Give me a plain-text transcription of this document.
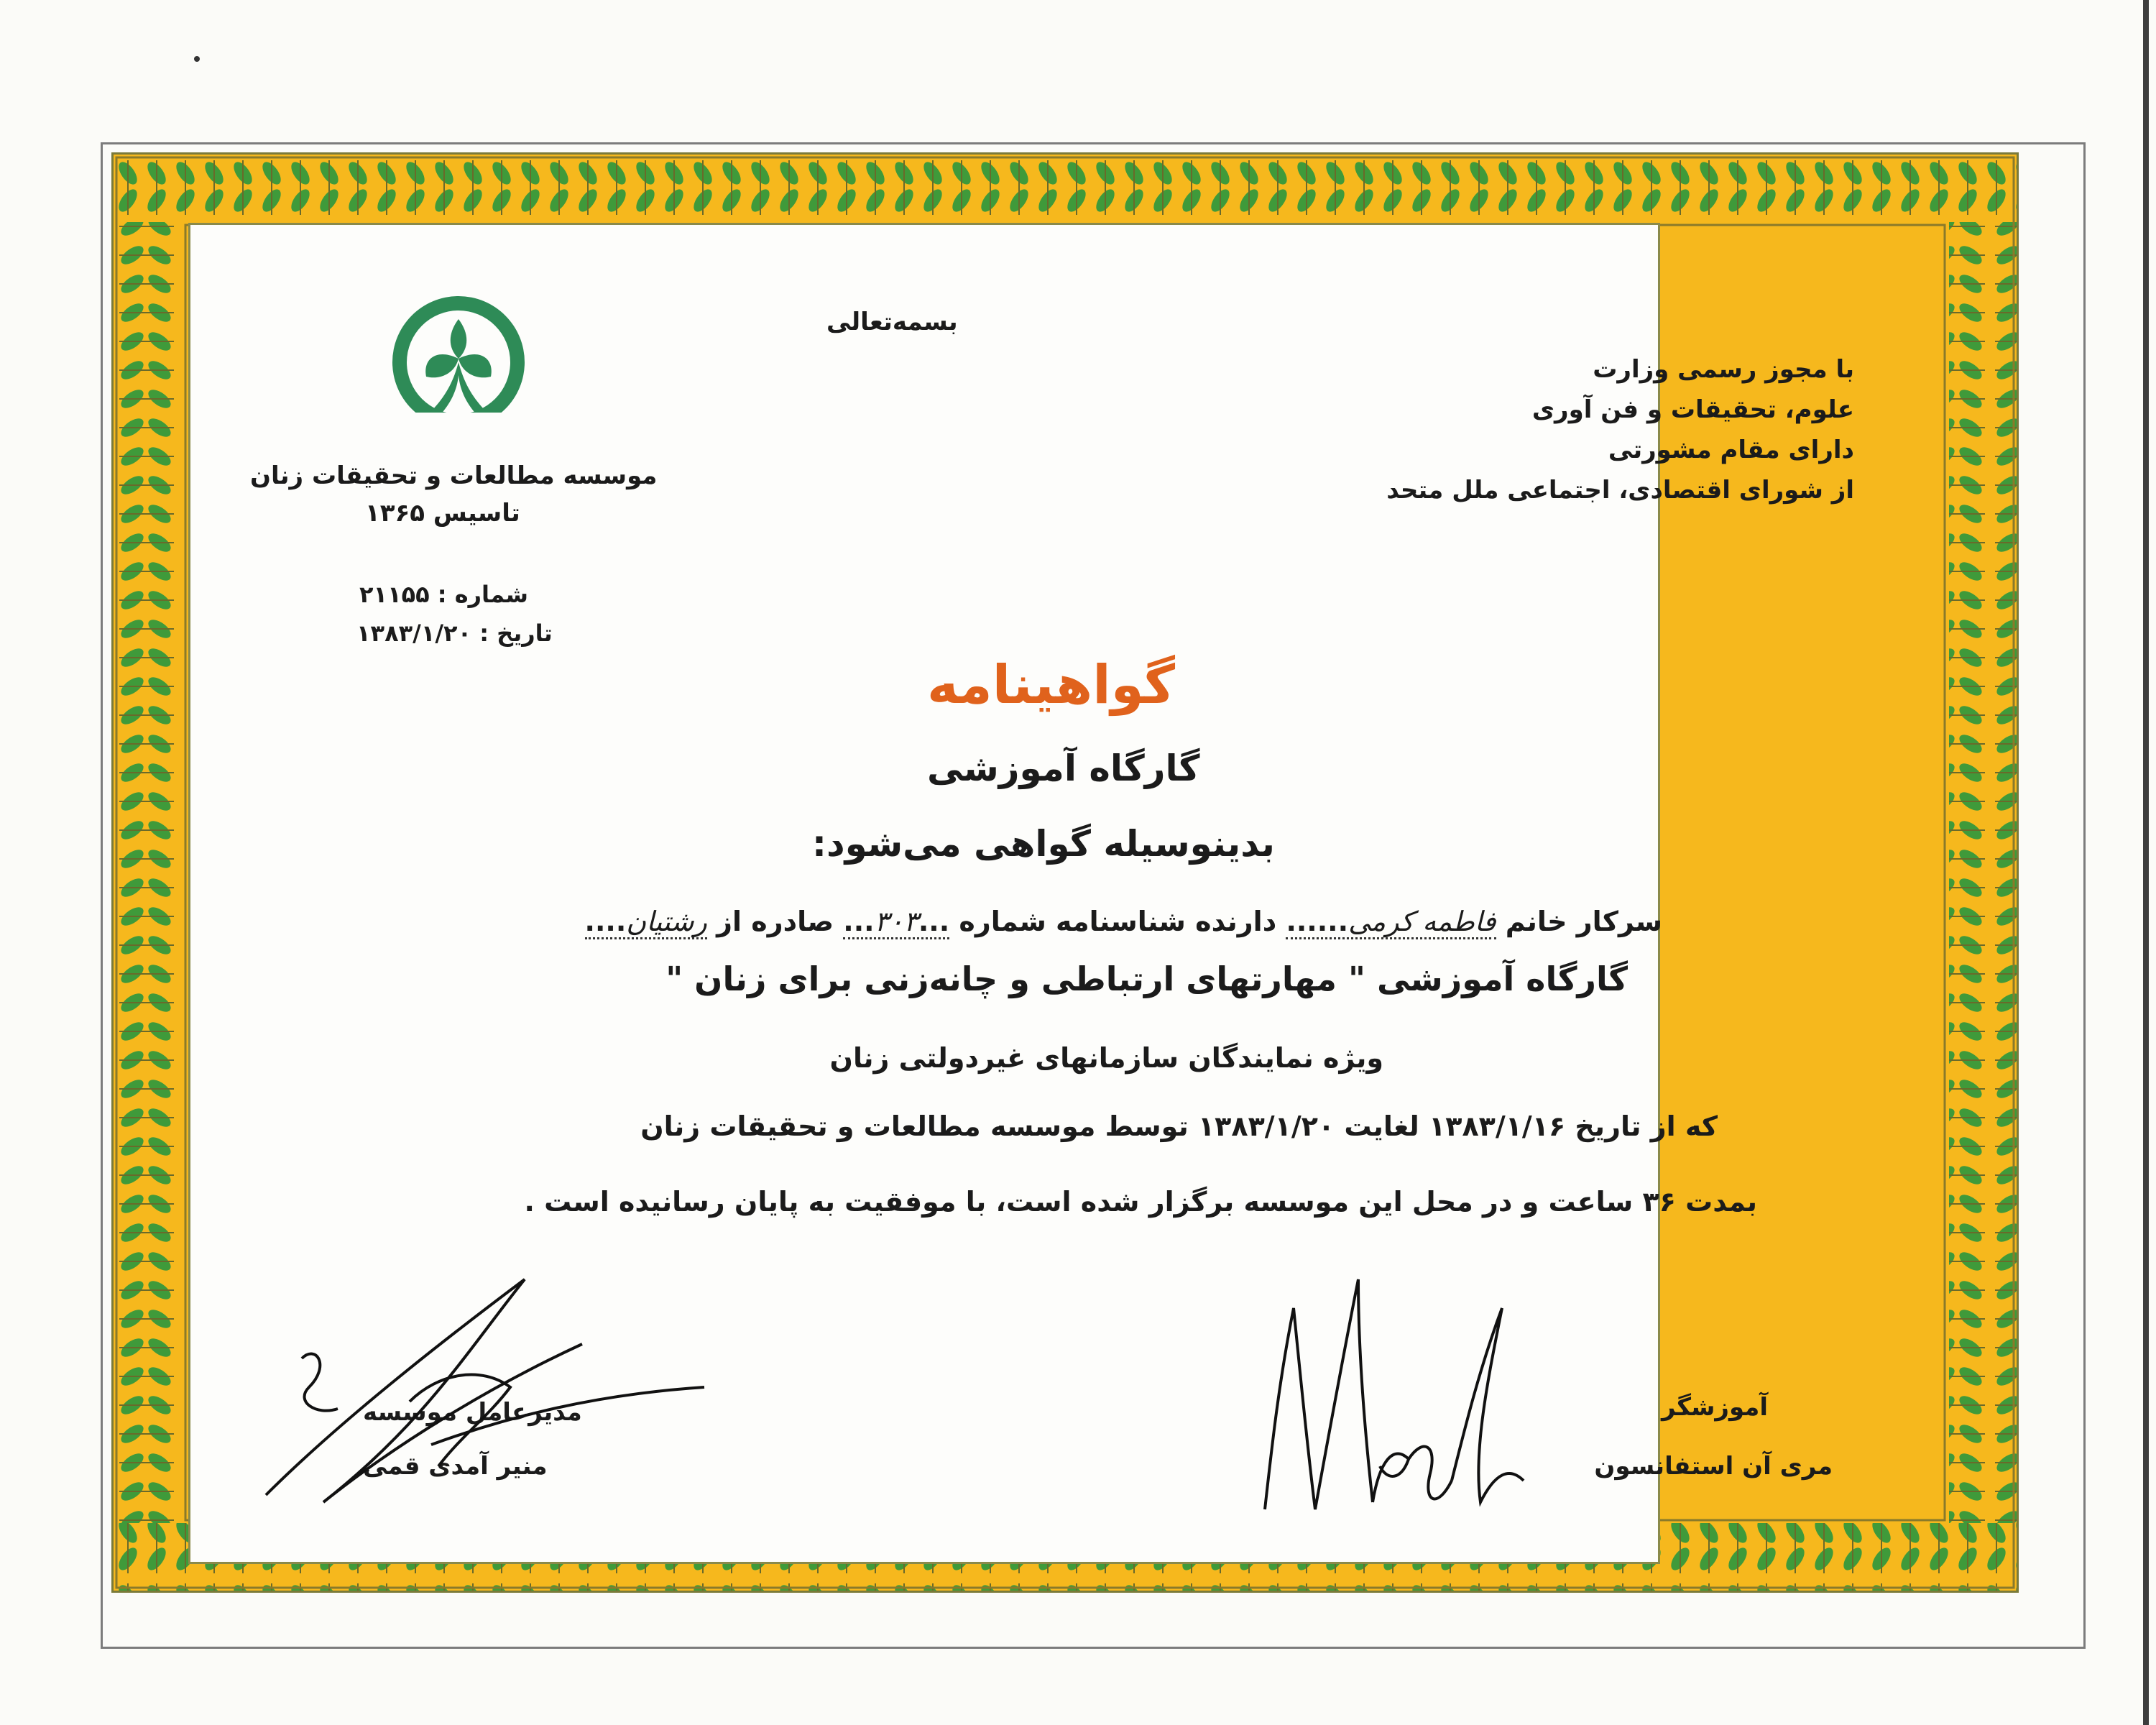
بسمه‌تعالی
با مجوز رسمی وزارت
علوم، تحقیقات و فن آوری
دارای مقام مشورتی
از شورای اقتصادی، اجتماعی ملل متحد
موسسه مطالعات و تحقیقات زنان
تاسیس ۱۳۶۵
شماره : ۲۱۱۵۵
تاریخ : ۱۳۸۳/۱/۲۰
گواهینامه
گارگاه آموزشی
بدینوسیله گواهی می‌شود:
سرکار خانم فاطمه کرمی...... دارنده شناسنامه شماره ...۳۰۳... صادره از رشتیان....
گارگاه آموزشی " مهارتهای ارتباطی و چانه‌زنی برای زنان "
ویژه نمایندگان سازمانهای غیردولتی زنان
که از تاریخ ۱۳۸۳/۱/۱۶ لغایت ۱۳۸۳/۱/۲۰ توسط موسسه مطالعات و تحقیقات زنان
بمدت ۳۶ ساعت و در محل این موسسه برگزار شده است، با موفقیت به پایان رسانیده است .
مدیرعامل موسسه
منیر آمدی قمی
آموزشگر
مری آن استفانسون
